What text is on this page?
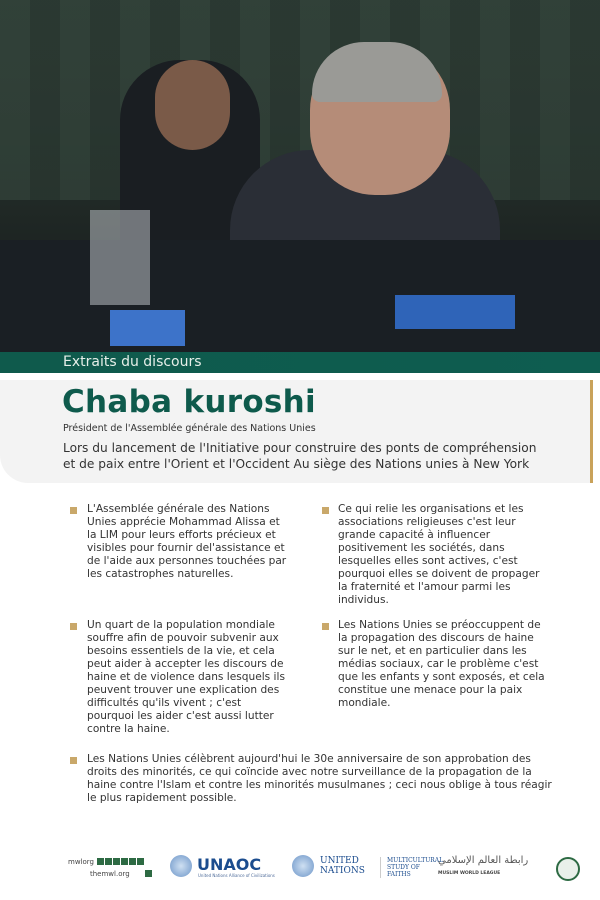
Extraits du discours
Chaba kuroshi
Président de l'Assemblée générale des Nations Unies
Lors du lancement de l'Initiative pour construire des ponts de compréhension
et de paix entre l'Orient et l'Occident Au siège des Nations unies à New York
L'Assemblée générale des Nations
Unies apprécie Mohammad Alissa et
la LIM pour leurs efforts précieux et
visibles pour fournir del'assistance et
de l'aide aux personnes touchées par
les catastrophes naturelles.
Ce qui relie les organisations et les
associations religieuses c'est leur
grande capacité à influencer
positivement les sociétés, dans
lesquelles elles sont actives, c'est
pourquoi elles se doivent de propager
la fraternité et l'amour parmi les
individus.
Un quart de la population mondiale
souffre afin de pouvoir subvenir aux
besoins essentiels de la vie, et cela
peut aider à accepter les discours de
haine et de violence dans lesquels ils
peuvent trouver une explication des
difficultés qu'ils vivent ; c'est
pourquoi les aider c'est aussi lutter
contre la haine.
Les Nations Unies se préoccuppent de
la propagation des discours de haine
sur le net, et en particulier dans les
médias sociaux, car le problème c'est
que les enfants y sont exposés, et cela
constitue une menace pour la paix
mondiale.
Les Nations Unies célèbrent aujourd'hui le 30e anniversaire de son approbation des
droits des minorités, ce qui coïncide avec notre surveillance de la propagation de la
haine contre l'Islam et contre les minorités musulmanes ; ceci nous oblige à tous réagir
le plus rapidement possible.
mwlorg
themwl.org	UNAOC
United Nations Alliance of Civilizations
UNITED
NATIONS
MULTICULTURAL
STUDY OF FAITHS
رابطة العالم الإسلامي
MUSLIM WORLD LEAGUE
